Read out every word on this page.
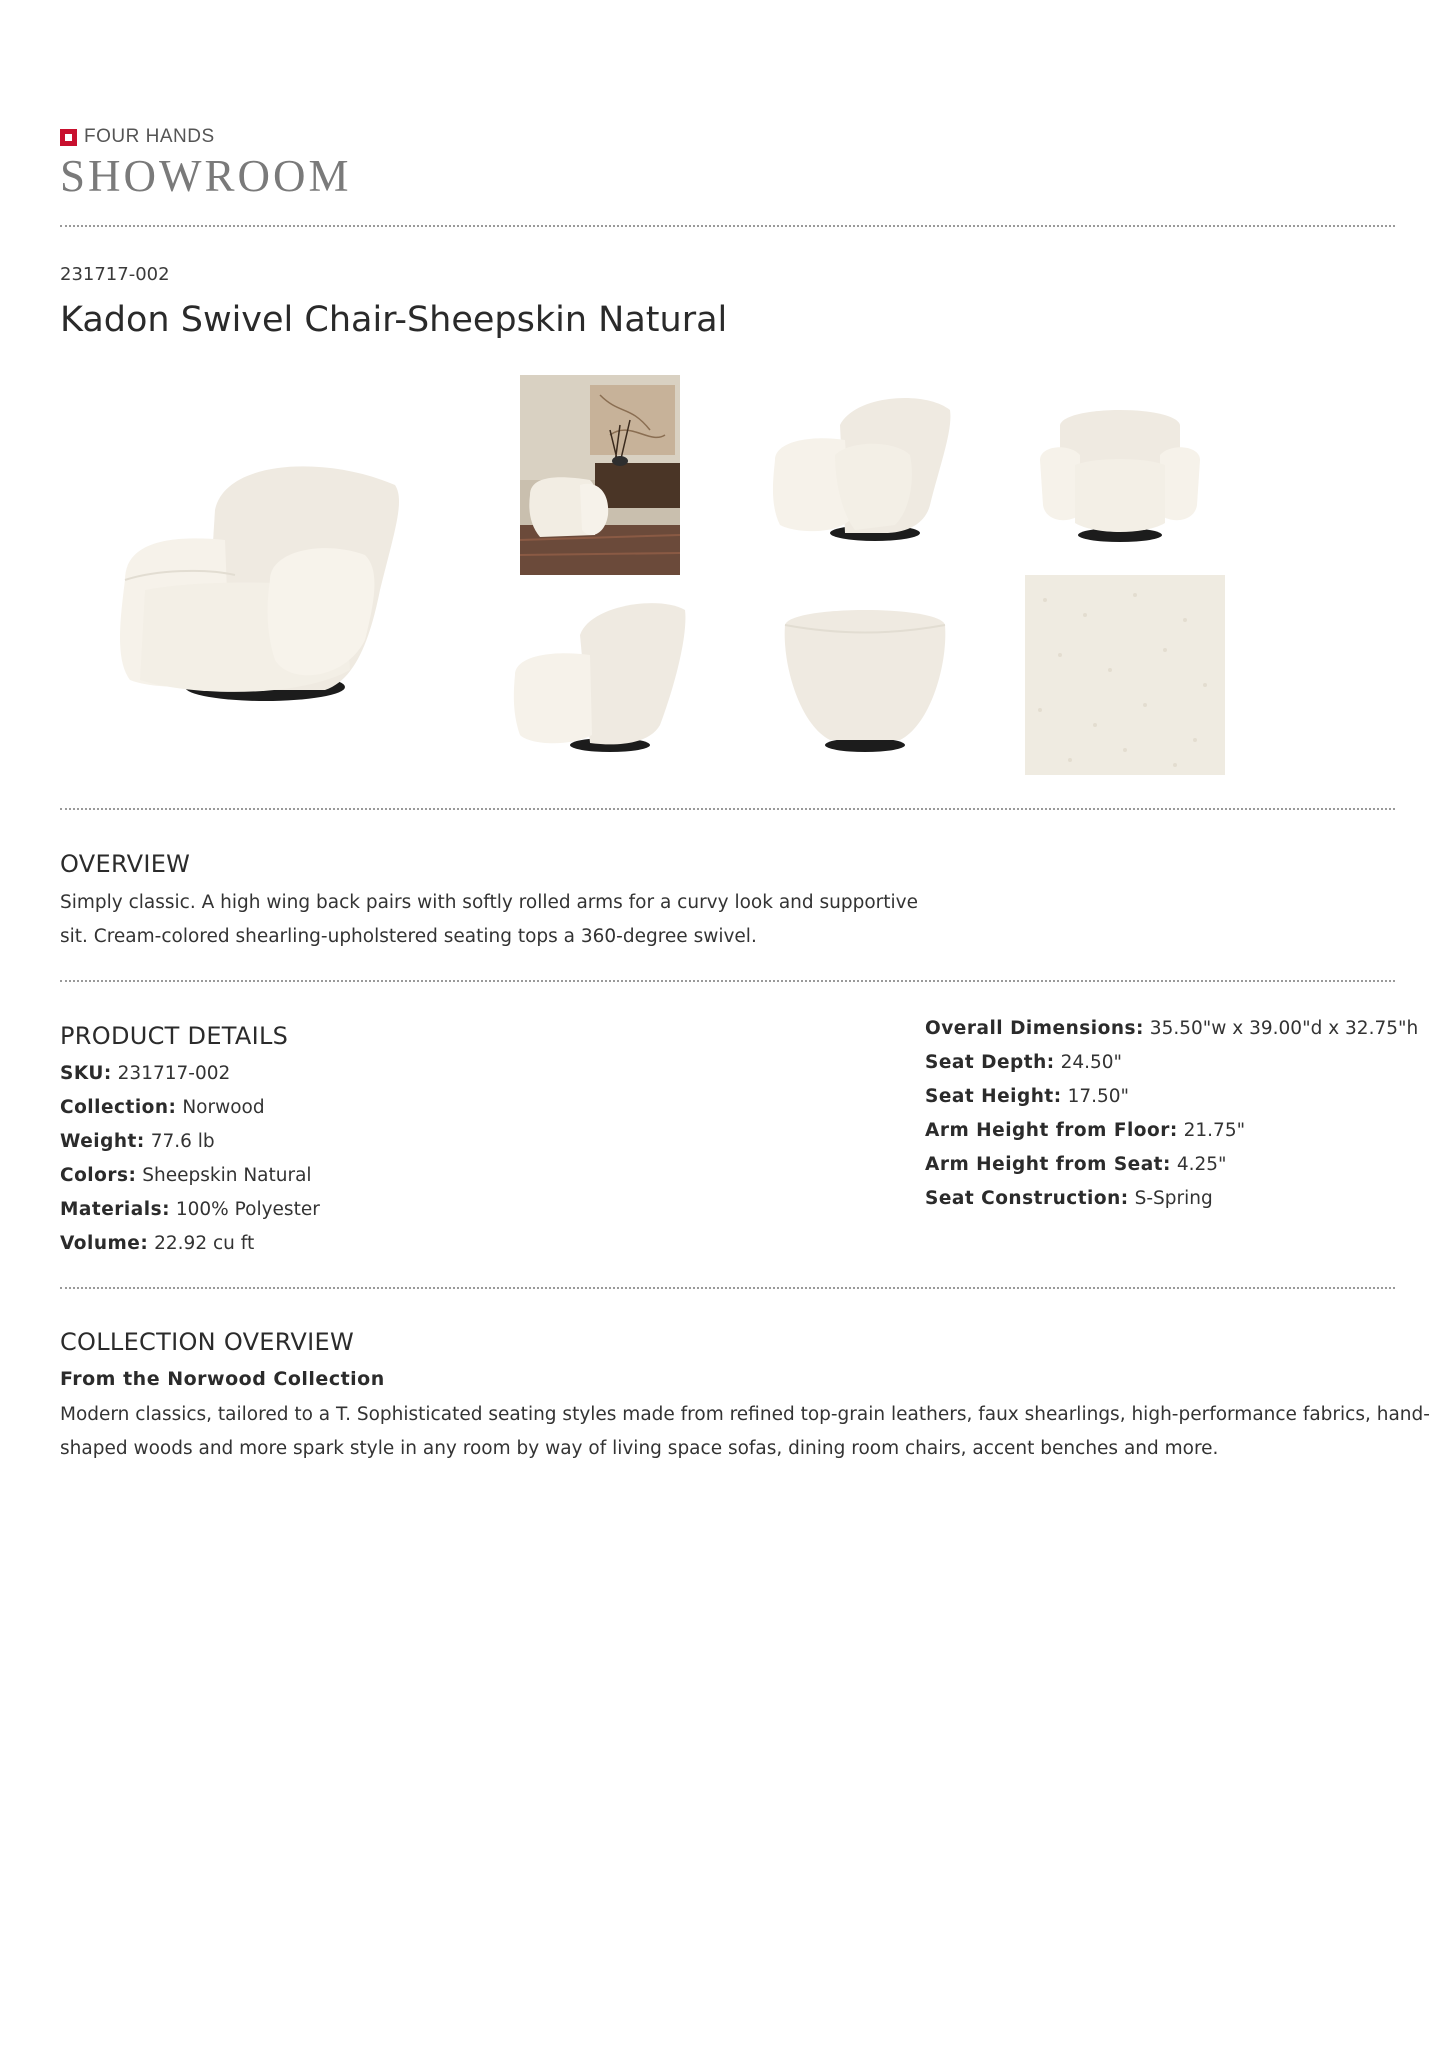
FOUR HANDS
SHOWROOM
231717-002
Kadon Swivel Chair-Sheepskin Natural
OVERVIEW
Simply classic. A high wing back pairs with softly rolled arms for a curvy look and supportive
sit. Cream-colored shearling-upholstered seating tops a 360-degree swivel.
PRODUCT DETAILS
SKU: 231717-002
Collection: Norwood
Weight: 77.6 lb
Colors: Sheepskin Natural
Materials: 100% Polyester
Volume: 22.92 cu ft
Overall Dimensions: 35.50"w x 39.00"d x 32.75"h
Seat Depth: 24.50"
Seat Height: 17.50"
Arm Height from Floor: 21.75"
Arm Height from Seat: 4.25"
Seat Construction: S-Spring
COLLECTION OVERVIEW
From the Norwood Collection
Modern classics, tailored to a T. Sophisticated seating styles made from refined top-grain leathers, faux shearlings, high-performance fabrics, hand-
shaped woods and more spark style in any room by way of living space sofas, dining room chairs, accent benches and more.
